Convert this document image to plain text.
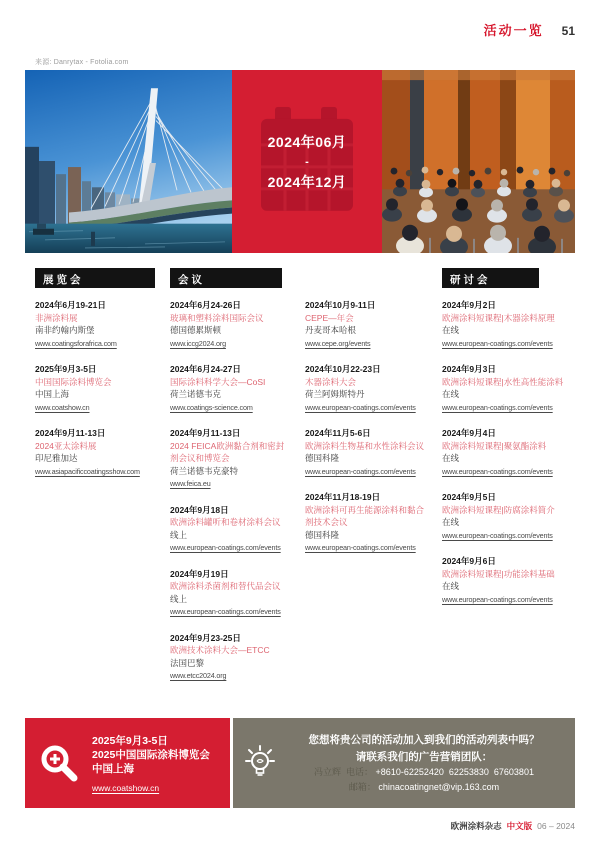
活动一览 51
来源: Danrytax - Fotolia.com
2024年06月
-
2024年12月
展览会
2024年6月19-21日
非洲涂料展
南非约翰内斯堡
www.coatingsforafrica.com
2025年9月3-5日
中国国际涂料博览会
中国上海
www.coatshow.cn
2024年9月11-13日
2024亚太涂料展
印尼雅加达
www.asiapacificcoatingsshow.com
会议
2024年6月24-26日
玻璃和塑料涂料国际会议
德国德累斯顿
www.iccg2024.org
2024年6月24-27日
国际涂料科学大会—CoSI
荷兰诺德韦克
www.coatings-science.com
2024年9月11-13日
2024 FEICA欧洲黏合剂和密封剂会议和博览会
荷兰诺德韦克豪特
www.feica.eu
2024年9月18日
欧洲涂料罐听和卷材涂料会议
线上
www.european-coatings.com/events
2024年9月19日
欧洲涂料杀菌剂和替代品会议
线上
www.european-coatings.com/events
2024年9月23-25日
欧洲技术涂料大会—ETCC
法国巴黎
www.etcc2024.org
2024年10月9-11日
CEPE—年会
丹麦哥本哈根
www.cepe.org/events
2024年10月22-23日
木器涂料大会
荷兰阿姆斯特丹
www.european-coatings.com/events
2024年11月5-6日
欧洲涂料生物基和水性涂料会议
德国科隆
www.european-coatings.com/events
2024年11月18-19日
欧洲涂料可再生能源涂料和黏合剂技术会议
德国科隆
www.european-coatings.com/events
研讨会
2024年9月2日
欧洲涂料短课程|木器涂料原理
在线
www.european-coatings.com/events
2024年9月3日
欧洲涂料短课程|水性高性能涂料
在线
www.european-coatings.com/events
2024年9月4日
欧洲涂料短课程|聚氨酯涂料
在线
www.european-coatings.com/events
2024年9月5日
欧洲涂料短课程|防腐涂料简介
在线
www.european-coatings.com/events
2024年9月6日
欧洲涂料短课程|功能涂料基础
在线
www.european-coatings.com/events
2025年9月3-5日
2025中国国际涂料博览会
中国上海
www.coatshow.cn
您想将贵公司的活动加入到我们的活动列表中吗？
请联系我们的广告营销团队：
冯立辉  电话： +8610-62252420  62253830  67603801
邮箱： chinacoatingnet@vip.163.com
欧洲涂料杂志 中文版 06 – 2024
